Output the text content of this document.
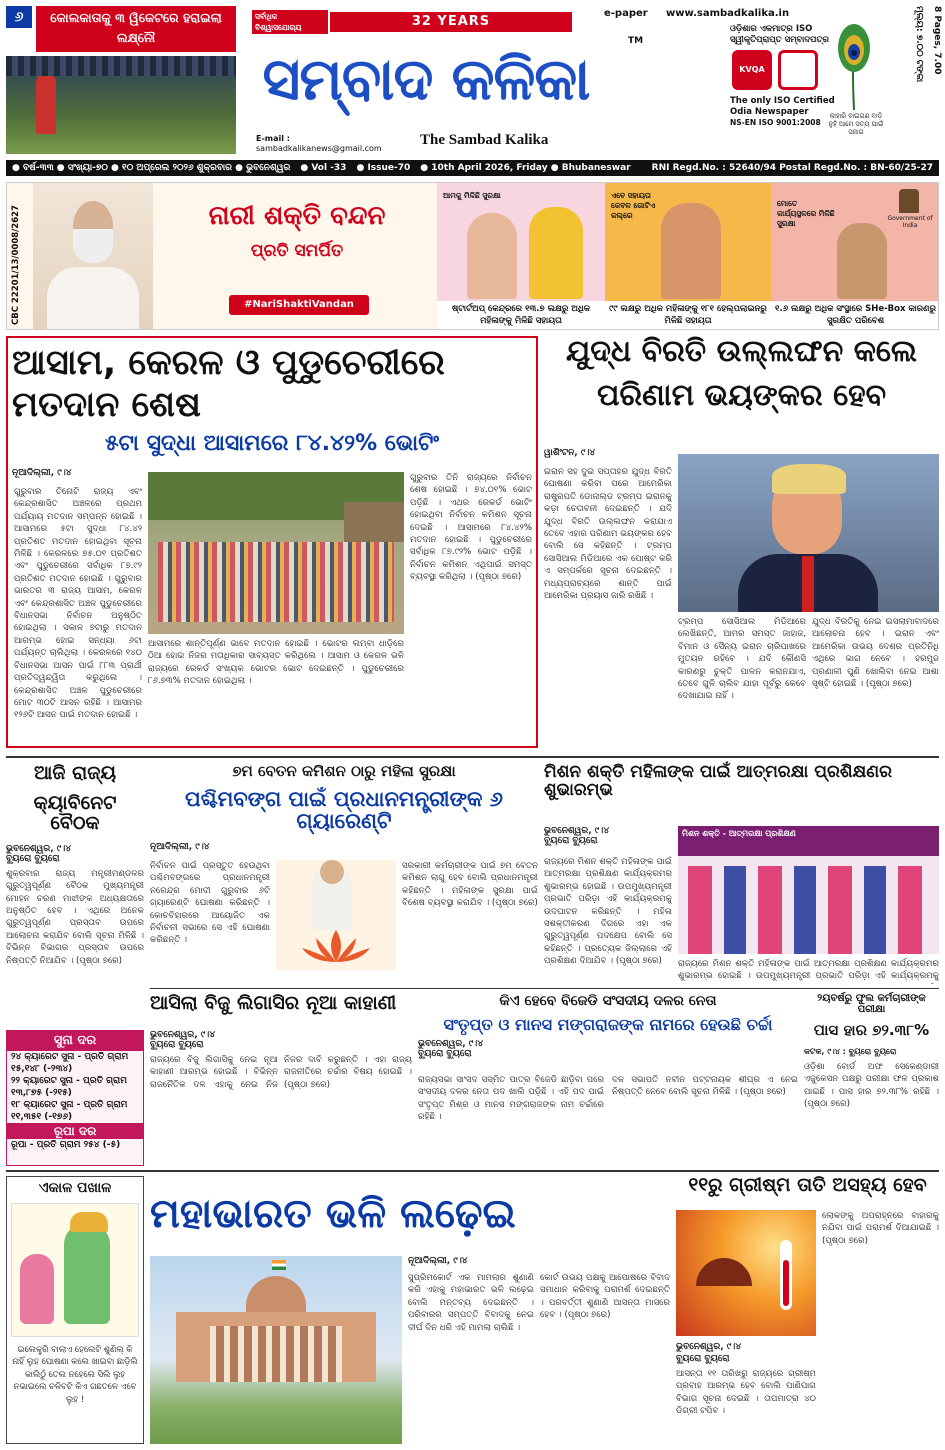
୬	କୋଲକାତାକୁ ୩ ୱିକେଟରେ ହରାଇଲା ଲକ୍ଷ୍ନୌ
ସର୍ବାଧିକ ବିଶ୍ୱାସଯୋଗ୍ୟ ସମ୍ବାଦପତ୍ର
32 YEARS
ସମ୍ବାଦ କଳିକା
TM
The Sambad Kalika
E-mail :
sambadkalikanews@gmail.com
e-paper www.sambadkalika.in
ଓଡ଼ିଶାର ଏକମାତ୍ର ISO ସ୍ୱୀକୃତିପ୍ରାପ୍ତ ସମ୍ବାଦପତ୍ର
KVQA
The only ISO Certified
Odia Newspaper
NS-EN ISO 9001:2008
କାହାରି ବାଇଗଣ ବାଡ଼ି ନୁହଁ ଆମେ ସତ୍ୟ ପାଇଁ ସଜାଗ
ମୂଲ୍ୟ: ୭.୦୦ ଟଙ୍କା 8 Pages, 7.00
● ବର୍ଷ-୩୩ ● ସଂଖ୍ୟା-୭୦ ● ୧୦ ଅପ୍ରେଲ ୨୦୨୬ ଶୁକ୍ରବାର ● ଭୁବନେଶ୍ୱର ● Vol -33 ● Issue-70 ● 10th April 2026, Friday ● Bhubaneswar RNI Regd.No. : 52640/94 Postal Regd.No. : BN-60/25-27
CBC 22201/13/0008/2627	ନାରୀ ଶକ୍ତି ବନ୍ଦନ
ପ୍ରତି ସମର୍ପିତ
#NariShaktiVandan
ଆମକୁ ମିଳିଛି ସୁରକ୍ଷା
ଷ୍ଟାର୍ଟଅପ୍ କେନ୍ଦ୍ରରେ ୧୩.୭ ଲକ୍ଷରୁ ଅଧିକ ମହିଳାଙ୍କୁ ମିଳିଛି ସହାୟତା
ଏବେ ସହାୟତା କେବଳ ଗୋଟିଏ କଲ୍‌ରେ
୯୯ ଲକ୍ଷରୁ ଅଧିକ ମହିଳାଙ୍କୁ ୧୮୧ ହେଲ୍ପଲାଇନରୁ ମିଳିଛି ସହାୟତା
ମୋତେ କାର୍ଯ୍ୟସ୍ଥଳରେ ମିଳିଛି ସୁରକ୍ଷା
Government of India
୧.୬ ଲକ୍ଷରୁ ଅଧିକ ସଂସ୍ଥାରେ SHe-Box କାରଣରୁ ସୁରକ୍ଷିତ ପରିବେଶ
ଆସାମ, କେରଳ ଓ ପୁଡୁଚେରୀରେ ମତଦାନ ଶେଷ
୫ଟା ସୁଦ୍ଧା ଆସାମରେ ୮୪.୪୨% ଭୋଟିଂ
ନୂଆଦିଲ୍ଲୀ, ୯।୪
ଗୁରୁବାର ତିନୋଟି ରାଜ୍ୟ ଏବଂ କେନ୍ଦ୍ରଶାସିତ ଅଞ୍ଚଳରେ ପ୍ରଥମ ପର୍ଯ୍ୟାୟ ମତଦାନ ସମ୍ପନ୍ନ ହୋଇଛି । ଆସାମରେ ୫ଟା ସୁଦ୍ଧା ୮୪.୪୨ ପ୍ରତିଶତ ମତଦାନ ହୋଇଥିବା ସୂଚନା ମିଳିଛି । କେରଳରେ ୭୫.୦୧ ପ୍ରତିଶତ ଏବଂ ପୁଡୁଚେରୀରେ ସର୍ବାଧିକ ୮୭.୯୨ ପ୍ରତିଶତ ମତଦାନ ହୋଇଛି । ଗୁରୁବାର ଭାରତର ୩ ରାଜ୍ୟ ଆସାମ, କେରଳ ଏବଂ କେନ୍ଦ୍ରଶାସିତ ଅଞ୍ଚଳ ପୁଡୁଚେରୀରେ ବିଧାନସଭା ନିର୍ବାଚନ ଅନୁଷ୍ଠିତ ହୋଇଥିଲା । ସକାଳ ୭ଟାରୁ ମତଦାନ ଆରମ୍ଭ ହୋଇ ସନ୍ଧ୍ୟା ୬ଟା ପର୍ଯ୍ୟନ୍ତ ଚାଲିଥିଲା । କେରଳରେ ୧୪୦ ବିଧାନସଭା ଆସନ ପାଇଁ ୮୮୩ ପ୍ରାର୍ଥୀ ପ୍ରତିଦ୍ୱନ୍ଦ୍ୱିତା କରୁଥିଲେ । କେନ୍ଦ୍ରଶାସିତ ଅଞ୍ଚଳ ପୁଡୁଚେରୀରେ ମୋଟ ୩୦ଟି ଆସନ ରହିଛି । ଆସାମର ୧୨୬ଟି ଆସନ ପାଇଁ ମତଦାନ ହୋଇଛି ।
ଆସାମରେ ଶାନ୍ତିପୂର୍ଣ୍ଣ ଭାବେ ମତଦାନ ହୋଇଛି । ଭୋଟର ଲମ୍ବା ଧାଡ଼ିରେ ଠିଆ ହୋଇ ନିଜର ମତାଧିକାର ସାବ୍ୟସ୍ତ କରିଥିଲେ । ଆସାମ ଓ କେରଳ ଭଳି ରାଜ୍ୟରେ ରେକର୍ଡ ସଂଖ୍ୟକ ଭୋଟର ଭୋଟ ଦେଇଛନ୍ତି । ପୁଡୁଚେରୀରେ ୮୬.୭୩% ମତଦାନ ହୋଇଥିଲା ।
ଗୁରୁବାର ତିନି ରାଜ୍ୟରେ ନିର୍ବାଚନ ଶେଷ ହୋଇଛି । ୭୪.୦୧% ଭୋଟ ପଡ଼ିଛି । ଏଥର ରେକର୍ଡ ଭୋଟିଂ ହୋଇଥିବା ନିର୍ବାଚନ କମିଶନ ସୂଚନା ଦେଇଛି । ଆସାମରେ ୮୪.୪୨% ମତଦାନ ହୋଇଛି । ପୁଡୁଚେରୀରେ ସର୍ବାଧିକ ୮୭.୯୨% ଭୋଟ ପଡ଼ିଛି । ନିର୍ବାଚନ କମିଶନ ଏଥିପାଇଁ ସମସ୍ତ ବ୍ୟବସ୍ଥା କରିଥିଲା । (ପୃଷ୍ଠା ୭ରେ)
ଯୁଦ୍ଧ ବିରତି ଉଲ୍ଲଙ୍ଘନ କଲେ
ପରିଣାମ ଭୟଙ୍କର ହେବ
ୱାଶିଂଟନ, ୯।୪
ଇରାନ ସହ ଦୁଇ ସପ୍ତାହର ଯୁଦ୍ଧ ବିରତି ଘୋଷଣା କରିବା ପରେ ଆମେରିକା ରାଷ୍ଟ୍ରପତି ଡୋନାଲ୍ଡ ଟ୍ରମ୍ପ ଇରାନକୁ କଡ଼ା ଚେତାବନୀ ଦେଇଛନ୍ତି । ଯଦି ଯୁଦ୍ଧ ବିରତି ଉଲ୍ଲଙ୍ଘନ କରାଯାଏ ତେବେ ଏହାର ପରିଣାମ ଭୟଙ୍କର ହେବ ବୋଲି ସେ କହିଛନ୍ତି । ଟ୍ରମ୍ପ ସୋସିଆଲ ମିଡିଆରେ ଏକ ପୋଷ୍ଟ କରି ଏ ସମ୍ପର୍କରେ ସୂଚନା ଦେଇଛନ୍ତି । ମଧ୍ୟପ୍ରାଚ୍ୟରେ ଶାନ୍ତି ପାଇଁ ଆମେରିକା ପ୍ରୟାସ ଜାରି ରଖିଛି ।
ଟ୍ରମ୍ପ ସୋସିଆଲ ମିଡିଆରେ ଲେଖିଛନ୍ତି, ଆମର ସମସ୍ତ ଜାହାଜ, ବିମାନ ଓ ସୈନ୍ୟ ଇରାନ ଚାରିପାଖରେ ମୁତୟନ ରହିବେ । ଯଦି କୌଣସି କାରଣରୁ ଚୁକ୍ତି ପାଳନ କରାନଯାଏ, ତେବେ ଗୁଳି ଚାଲିବ ଯାହା ପୂର୍ବରୁ କେବେ ଦେଖାଯାଇ ନାହିଁ ।
ଯୁଦ୍ଧ ବିରତିକୁ ନେଇ ଇସଲାମାବାଦରେ ଆଲୋଚନା ହେବ । ଇରାନ ଏବଂ ଆମେରିକା ଉଭୟ ଦେଶର ପ୍ରତିନିଧି ଏଥିରେ ଭାଗ ନେବେ । ହରମୁଜ ପ୍ରଣାଳୀ ପୁଣି ଖୋଲିବା ନେଇ ଆଶା ସୃଷ୍ଟି ହୋଇଛି । (ପୃଷ୍ଠା ୭ରେ)
ଆଜି ରାଜ୍ୟ
କ୍ୟାବିନେଟ ବୈଠକ
ଭୁବନେଶ୍ୱର, ୯।୪
ବ୍ୟୁରୋ ବ୍ୟୁରୋ
ଶୁକ୍ରବାର ରାଜ୍ୟ ମନ୍ତ୍ରୀମଣ୍ଡଳର ଗୁରୁତ୍ୱପୂର୍ଣ୍ଣ ବୈଠକ ମୁଖ୍ୟମନ୍ତ୍ରୀ ମୋହନ ଚରଣ ମାଝୀଙ୍କ ଅଧ୍ୟକ୍ଷତାରେ ଅନୁଷ୍ଠିତ ହେବ । ଏଥିରେ ଅନେକ ଗୁରୁତ୍ୱପୂର୍ଣ୍ଣ ପ୍ରସ୍ତାବ ଉପରେ ଆଲୋଚନା କରାଯିବ ବୋଲି ସୂଚନା ମିଳିଛି । ବିଭିନ୍ନ ବିଭାଗର ପ୍ରସ୍ତାବ ଉପରେ ନିଷ୍ପତ୍ତି ନିଆଯିବ । (ପୃଷ୍ଠା ୭ରେ)
ସୁନା ଦର
୨୪ କ୍ୟାରେଟ ସୁନା - ପ୍ରତି ଗ୍ରାମ
୧୫,୧୪୮ (-୨୩୪)
୨୨ କ୍ୟାରେଟ ସୁନା - ପ୍ରତି ଗ୍ରାମ
୧୩,୮୭୫ (-୨୧୫)
୧୮ କ୍ୟାରେଟ ସୁନା - ପ୍ରତି ଗ୍ରାମ
୧୧,୩୫୧ (-୧୭୬)
ରୂପା ଦର
ରୂପା - ପ୍ରତି ଗ୍ରାମ ୨୫୪ (-୫)
୭ମ ବେତନ କମିଶନ ଠାରୁ ମହିଳା ସୁରକ୍ଷା
ପଶ୍ଚିମବଙ୍ଗ ପାଇଁ ପ୍ରଧାନମନ୍ତ୍ରୀଙ୍କ ୬ ଗ୍ୟାରେଣ୍ଟି
ନୂଆଦିଲ୍ଲୀ, ୯।୪
ନିର୍ବାଚନ ପାଇଁ ପ୍ରସ୍ତୁତ ହେଉଥିବା ପଶ୍ଚିମବଙ୍ଗରେ ପ୍ରଧାନମନ୍ତ୍ରୀ ନରେନ୍ଦ୍ର ମୋଦୀ ଗୁରୁବାର ୬ଟି ଗ୍ୟାରେଣ୍ଟି ଘୋଷଣା କରିଛନ୍ତି । କୋଚବିହାରରେ ଆୟୋଜିତ ଏକ ନିର୍ବାଚନୀ ସଭାରେ ସେ ଏହି ଘୋଷଣା କରିଛନ୍ତି ।
ସରକାରୀ କର୍ମଚାରୀଙ୍କ ପାଇଁ ୭ମ ବେତନ କମିଶନ ଲାଗୁ ହେବ ବୋଲି ପ୍ରଧାନମନ୍ତ୍ରୀ କହିଛନ୍ତି । ମହିଳାଙ୍କ ସୁରକ୍ଷା ପାଇଁ ବିଶେଷ ବ୍ୟବସ୍ଥା କରାଯିବ । (ପୃଷ୍ଠା ୭ରେ)
ମିଶନ ଶକ୍ତି ମହିଳାଙ୍କ ପାଇଁ ଆତ୍ମରକ୍ଷା ପ୍ରଶିକ୍ଷଣର ଶୁଭାରମ୍ଭ
ଭୁବନେଶ୍ୱର, ୯।୪
ବ୍ୟୁରୋ ବ୍ୟୁରୋ
ରାଜ୍ୟରେ ମିଶନ ଶକ୍ତି ମହିଳାଙ୍କ ପାଇଁ ଆତ୍ମରକ୍ଷା ପ୍ରଶିକ୍ଷଣ କାର୍ଯ୍ୟକ୍ରମର ଶୁଭାରମ୍ଭ ହୋଇଛି । ଉପମୁଖ୍ୟମନ୍ତ୍ରୀ ପ୍ରଭାତି ପରିଡ଼ା ଏହି କାର୍ଯ୍ୟକ୍ରମକୁ ଉଦଘାଟନ କରିଛନ୍ତି । ମହିଳା ସଶକ୍ତୀକରଣ ଦିଗରେ ଏହା ଏକ ଗୁରୁତ୍ୱପୂର୍ଣ୍ଣ ପଦକ୍ଷେପ ବୋଲି ସେ କହିଛନ୍ତି । ପ୍ରତ୍ୟେକ ଜିଲ୍ଲାରେ ଏହି ପ୍ରଶିକ୍ଷଣ ଦିଆଯିବ । (ପୃଷ୍ଠା ୭ରେ)
ମିଶନ ଶକ୍ତି - ଆତ୍ମରକ୍ଷା ପ୍ରଶିକ୍ଷଣ
ରାଜ୍ୟରେ ମିଶନ ଶକ୍ତି ମହିଳାଙ୍କ ପାଇଁ ଆତ୍ମରକ୍ଷା ପ୍ରଶିକ୍ଷଣ କାର୍ଯ୍ୟକ୍ରମର ଶୁଭାରମ୍ଭ ହୋଇଛି । ଉପମୁଖ୍ୟମନ୍ତ୍ରୀ ପ୍ରଭାତି ପରିଡ଼ା ଏହି କାର୍ଯ୍ୟକ୍ରମକୁ
ଆସିଲା ବିଜୁ ଲିଗାସିର ନୂଆ କାହାଣୀ
ଭୁବନେଶ୍ୱର, ୯।୪
ବ୍ୟୁରୋ ବ୍ୟୁରୋ
ରାଜ୍ୟରେ ବିଜୁ ଲିଗାସିକୁ ନେଇ ନୂଆ କାହାଣୀ ଆରମ୍ଭ ହୋଇଛି । ବିଭିନ୍ନ ରାଜନୈତିକ ଦଳ ଏହାକୁ ନେଇ ନିଜ ନିଜର ଦାବି କରୁଛନ୍ତି । ଏହା ରାଜ୍ୟ ରାଜନୀତିରେ ଚର୍ଚ୍ଚାର ବିଷୟ ହୋଇଛି । (ପୃଷ୍ଠା ୭ରେ)
କିଏ ହେବେ ବିଜେଡି ସଂସଦୀୟ ଦଳର ନେତା
ସଂତୃପ୍ତ ଓ ମାନସ ମଙ୍ଗରାଜଙ୍କ ନାମରେ ହେଉଛି ଚର୍ଚ୍ଚା
ଭୁବନେଶ୍ୱର, ୯।୪
ବ୍ୟୁରୋ ବ୍ୟୁରୋ
ରାଜ୍ୟସଭା ସାଂସଦ ସସ୍ମିତ ପାତ୍ର ବିଜେଡି ଛାଡ଼ିବା ପରେ ସଂସଦୀୟ ଦଳର ନେତା ପଦ ଖାଲି ପଡ଼ିଛି । ଏହି ପଦ ପାଇଁ ସଂତୃପ୍ତ ମିଶ୍ର ଓ ମାନସ ମଙ୍ଗରାଜଙ୍କ ନାମ ଚର୍ଚ୍ଚାରେ ରହିଛି ।
ଦଳ ସଭାପତି ନବୀନ ପଟ୍ଟନାୟକ ଶୀଘ୍ର ଏ ନେଇ ନିଷ୍ପତ୍ତି ନେବେ ବୋଲି ସୂଚନା ମିଳିଛି । (ପୃଷ୍ଠା ୭ରେ)
୨ୟବର୍ଷରୁ ଫୁଲ କର୍ମଚାରୀଙ୍କ ପରୀକ୍ଷା
ପାସ ହାର ୭୨.୩୮%
କଟକ, ୯।୪ : ବ୍ୟୁରୋ ବ୍ୟୁରୋ
ଓଡ଼ିଶା ବୋର୍ଡ ଅଫ ସେକେଣ୍ଡାରୀ ଏଜୁକେସନ ପକ୍ଷରୁ ପରୀକ୍ଷା ଫଳ ପ୍ରକାଶ ପାଇଛି । ପାସ ହାର ୭୨.୩୮% ରହିଛି । (ପୃଷ୍ଠା ୭ରେ)
ଏକାଳ ପଖାଳ
ଇଲେକ୍ଟ୍ରି ବାଲାଏ ହେଲେଟି ଶୁଣିଲ୍ କି ନାହିଁ ଲୁହ ଘୋଷଣା କଲେ ଖାଇବା ଛାଡ଼ିଲି କାଲିଠୁଁ ତେଲ ନହେଲେ ସିଲି ଲୁହ ନଭାଇଲେ ଚଳିବଟି କିଏ ଗଛତଳେ ଏବେ ଲୁହ !
ମହାଭାରତ ଭଳି ଲଢ଼େଇ
ନୂଆଦିଲ୍ଲୀ, ୯।୪
ସୁପ୍ରିମକୋର୍ଟ ଏକ ମାମଲାର ଶୁଣାଣି କରି ଏହାକୁ ମହାଭାରତ ଭଳି ଲଢ଼େଇ ବୋଲି ମନ୍ତବ୍ୟ ଦେଇଛନ୍ତି । ପରିବାରର ସମ୍ପତ୍ତି ବିବାଦକୁ ନେଇ ଦୀର୍ଘ ଦିନ ଧରି ଏହି ମାମଲା ଚାଲିଛି ।
କୋର୍ଟ ଉଭୟ ପକ୍ଷକୁ ଆପୋଷରେ ବିବାଦ ସମାଧାନ କରିବାକୁ ପରାମର୍ଶ ଦେଇଛନ୍ତି । ପରବର୍ତ୍ତୀ ଶୁଣାଣି ଆସନ୍ତା ମାସରେ ହେବ । (ପୃଷ୍ଠା ୭ରେ)
୧୧ରୁ ଗ୍ରୀଷ୍ମ ତାତି ଅସହ୍ୟ ହେବ
ଲୋକଙ୍କୁ ଅପରାହ୍ନରେ ବାହାରକୁ ନଯିବା ପାଇଁ ପରାମର୍ଶ ଦିଆଯାଇଛି । (ପୃଷ୍ଠା ୭ରେ)
ଭୁବନେଶ୍ୱର, ୯।୪
ବ୍ୟୁରୋ ବ୍ୟୁରୋ
ଆସନ୍ତା ୧୧ ତାରିଖରୁ ରାଜ୍ୟରେ ଗ୍ରୀଷ୍ମ ପ୍ରବାହ ଆରମ୍ଭ ହେବ ବୋଲି ପାଣିପାଗ ବିଭାଗ ସୂଚନା ଦେଇଛି । ତାପମାତ୍ରା ୪୦ ଡିଗ୍ରୀ ଟପିବ ।
